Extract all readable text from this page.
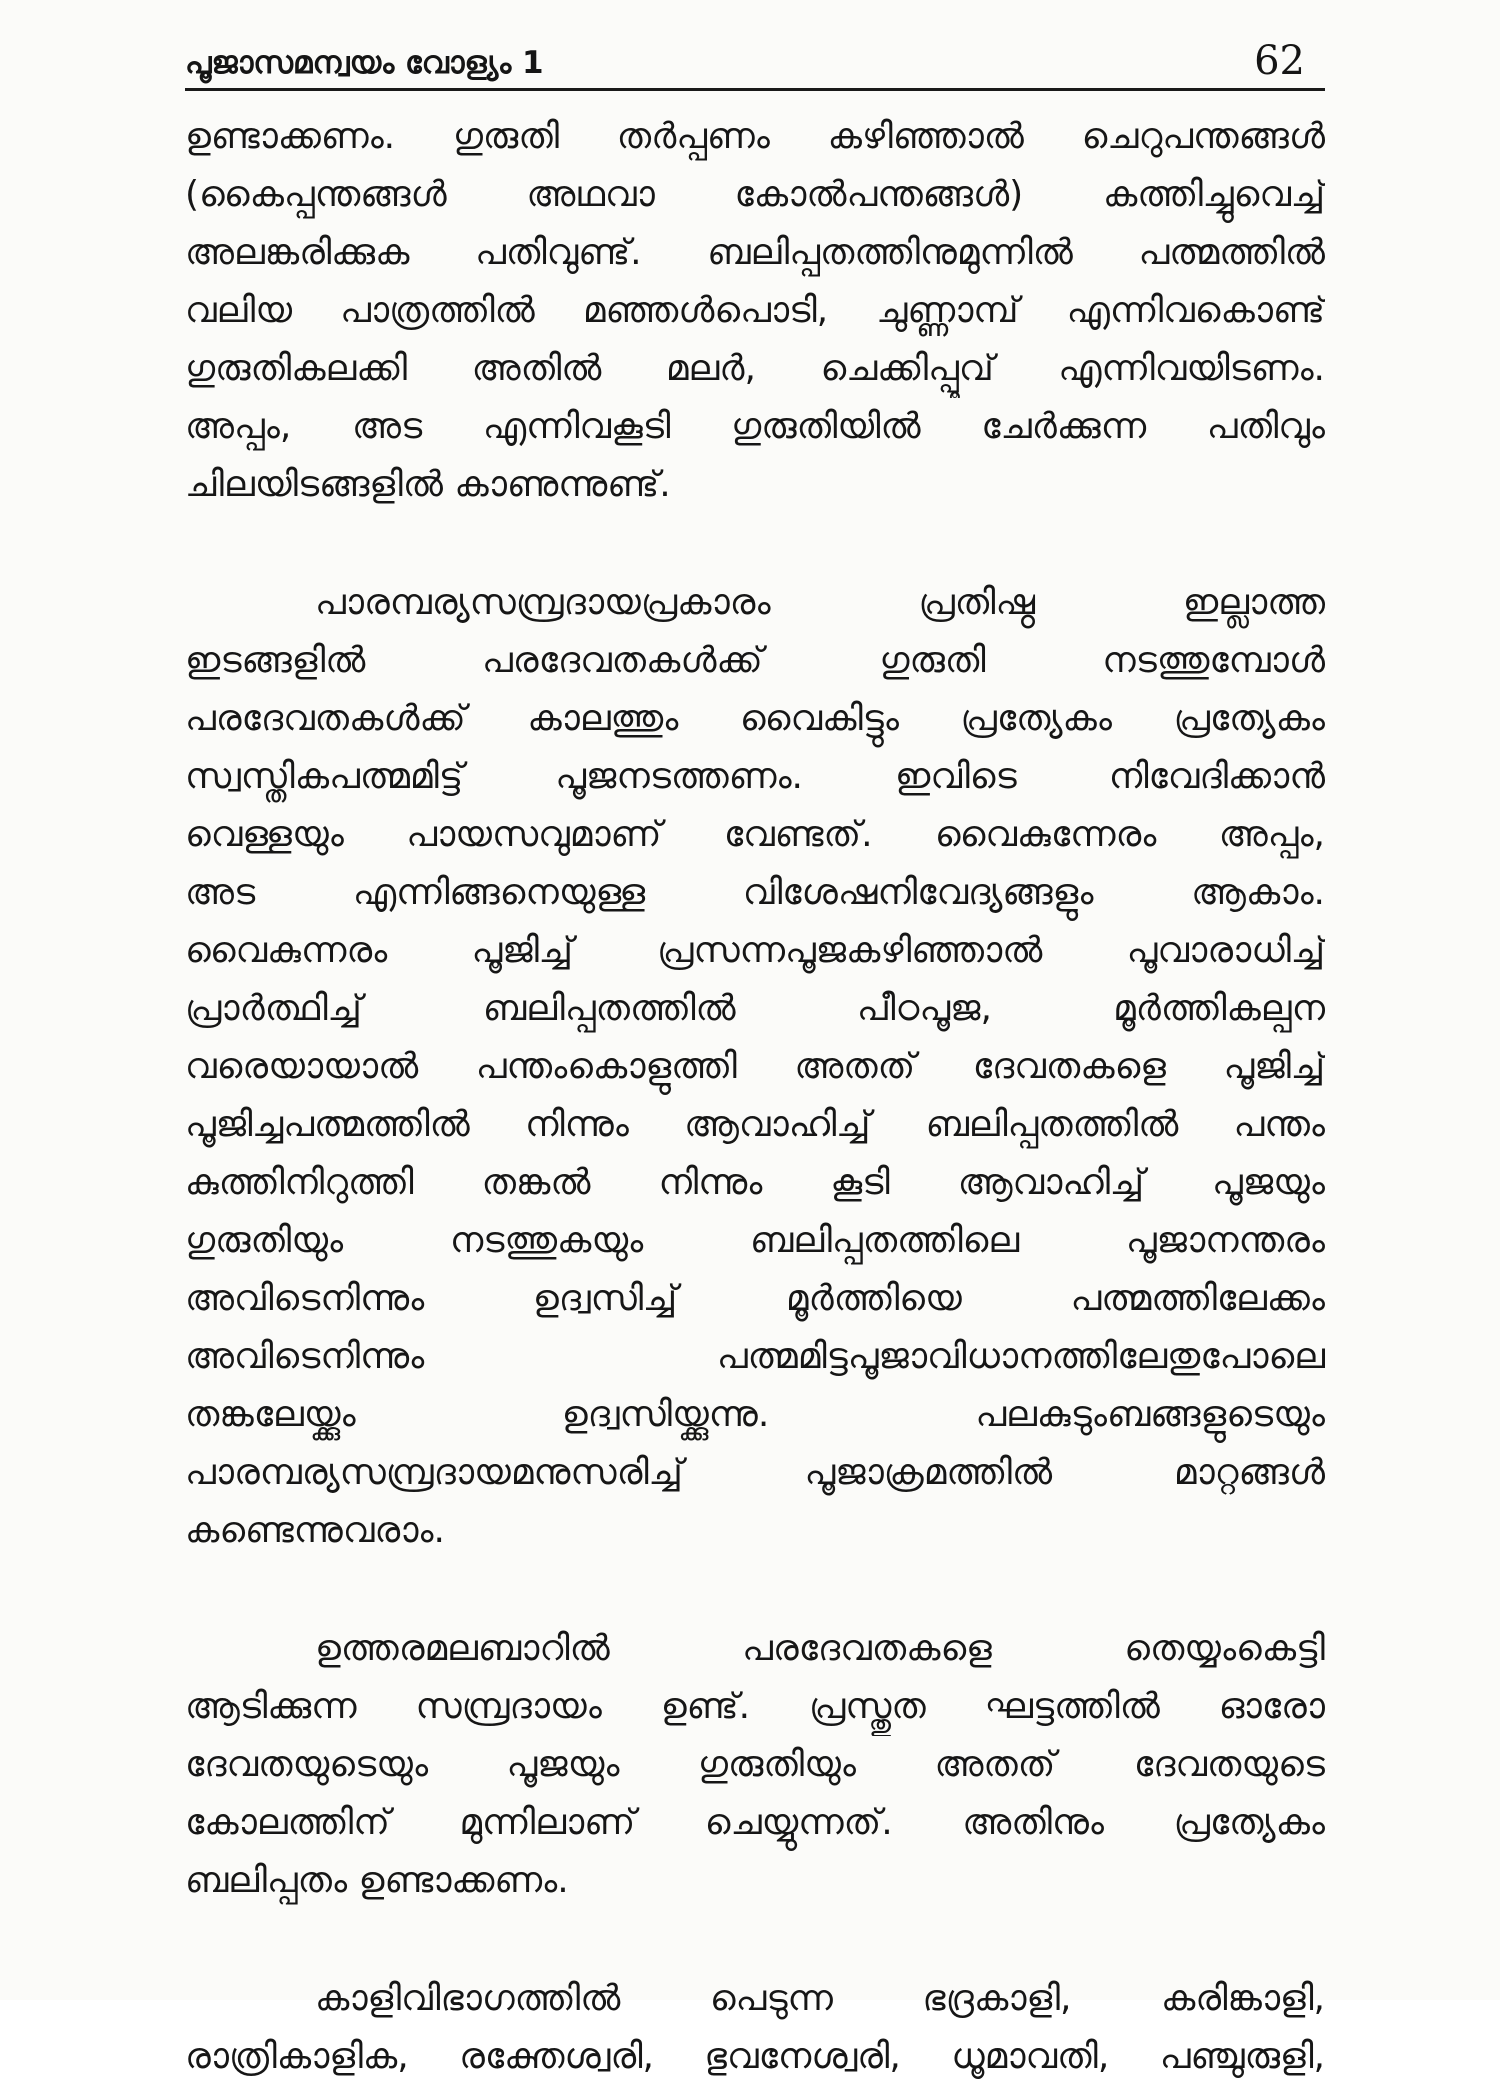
പൂജാസമന്വയം വോള്യം 1	62
ഉണ്ടാക്കണം. ഗുരുതി തർപ്പണം കഴിഞ്ഞാൽ ചെറുപന്തങ്ങൾ
(കൈപ്പന്തങ്ങൾ അഥവാ കോൽപന്തങ്ങൾ) കത്തിച്ചുവെച്ച്
അലങ്കരിക്കുക പതിവുണ്ട്. ബലിപ്പതത്തിനുമുന്നിൽ പത്മത്തിൽ
വലിയ പാത്രത്തിൽ മഞ്ഞൾപൊടി, ചുണ്ണാമ്പ് എന്നിവകൊണ്ട്
ഗുരുതികലക്കി അതിൽ മലർ, ചെക്കിപ്പൂവ് എന്നിവയിടണം.
അപ്പം, അട എന്നിവകൂടി ഗുരുതിയിൽ ചേർക്കുന്ന പതിവും
ചിലയിടങ്ങളിൽ കാണുന്നുണ്ട്.
പാരമ്പര്യസമ്പ്രദായപ്രകാരം പ്രതിഷ്ഠ ഇല്ലാത്ത
ഇടങ്ങളിൽ പരദേവതകൾക്ക് ഗുരുതി നടത്തുമ്പോൾ
പരദേവതകൾക്ക് കാലത്തും വൈകിട്ടും പ്രത്യേകം പ്രത്യേകം
സ്വസ്തികപത്മമിട്ട് പൂജനടത്തണം. ഇവിടെ നിവേദിക്കാൻ
വെള്ളയും പായസവുമാണ് വേണ്ടത്. വൈകുന്നേരം അപ്പം,
അട എന്നിങ്ങനെയുള്ള വിശേഷനിവേദ്യങ്ങളും ആകാം.
വൈകുന്നരം പൂജിച്ച് പ്രസന്നപൂജകഴിഞ്ഞാൽ പൂവാരാധിച്ച്
പ്രാർത്ഥിച്ച് ബലിപ്പതത്തിൽ പീഠപൂജ, മൂർത്തികല്പന
വരെയായാൽ പന്തംകൊളുത്തി അതത് ദേവതകളെ പൂജിച്ച്
പൂജിച്ചപത്മത്തിൽ നിന്നും ആവാഹിച്ച് ബലിപ്പതത്തിൽ പന്തം
കുത്തിനിറുത്തി തങ്കൽ നിന്നും കൂടി ആവാഹിച്ച് പൂജയും
ഗുരുതിയും നടത്തുകയും ബലിപ്പതത്തിലെ പൂജാനന്തരം
അവിടെനിന്നും ഉദ്വസിച്ച് മൂർത്തിയെ പത്മത്തിലേക്കം
അവിടെനിന്നും പത്മമിട്ടപൂജാവിധാനത്തിലേതുപോലെ
തങ്കലേയ്ക്കും ഉദ്വസിയ്ക്കുന്നു. പലകുടുംബങ്ങളുടെയും
പാരമ്പര്യസമ്പ്രദായമനുസരിച്ച് പൂജാക്രമത്തിൽ മാറ്റങ്ങൾ
കണ്ടെന്നുവരാം.
ഉത്തരമലബാറിൽ പരദേവതകളെ തെയ്യംകെട്ടി
ആടിക്കുന്ന സമ്പ്രദായം ഉണ്ട്. പ്രസ്തുത ഘട്ടത്തിൽ ഓരോ
ദേവതയുടെയും പൂജയും ഗുരുതിയും അതത് ദേവതയുടെ
കോലത്തിന് മുന്നിലാണ് ചെയ്യുന്നത്. അതിനും പ്രത്യേകം
ബലിപ്പതം ഉണ്ടാക്കണം.
കാളിവിഭാഗത്തിൽ പെടുന്ന ഭദ്രകാളി, കരിങ്കാളി,
രാത്രികാളിക, രക്തേശ്വരി, ഭുവനേശ്വരി, ധൂമാവതി, പഞ്ചുരുളി,
